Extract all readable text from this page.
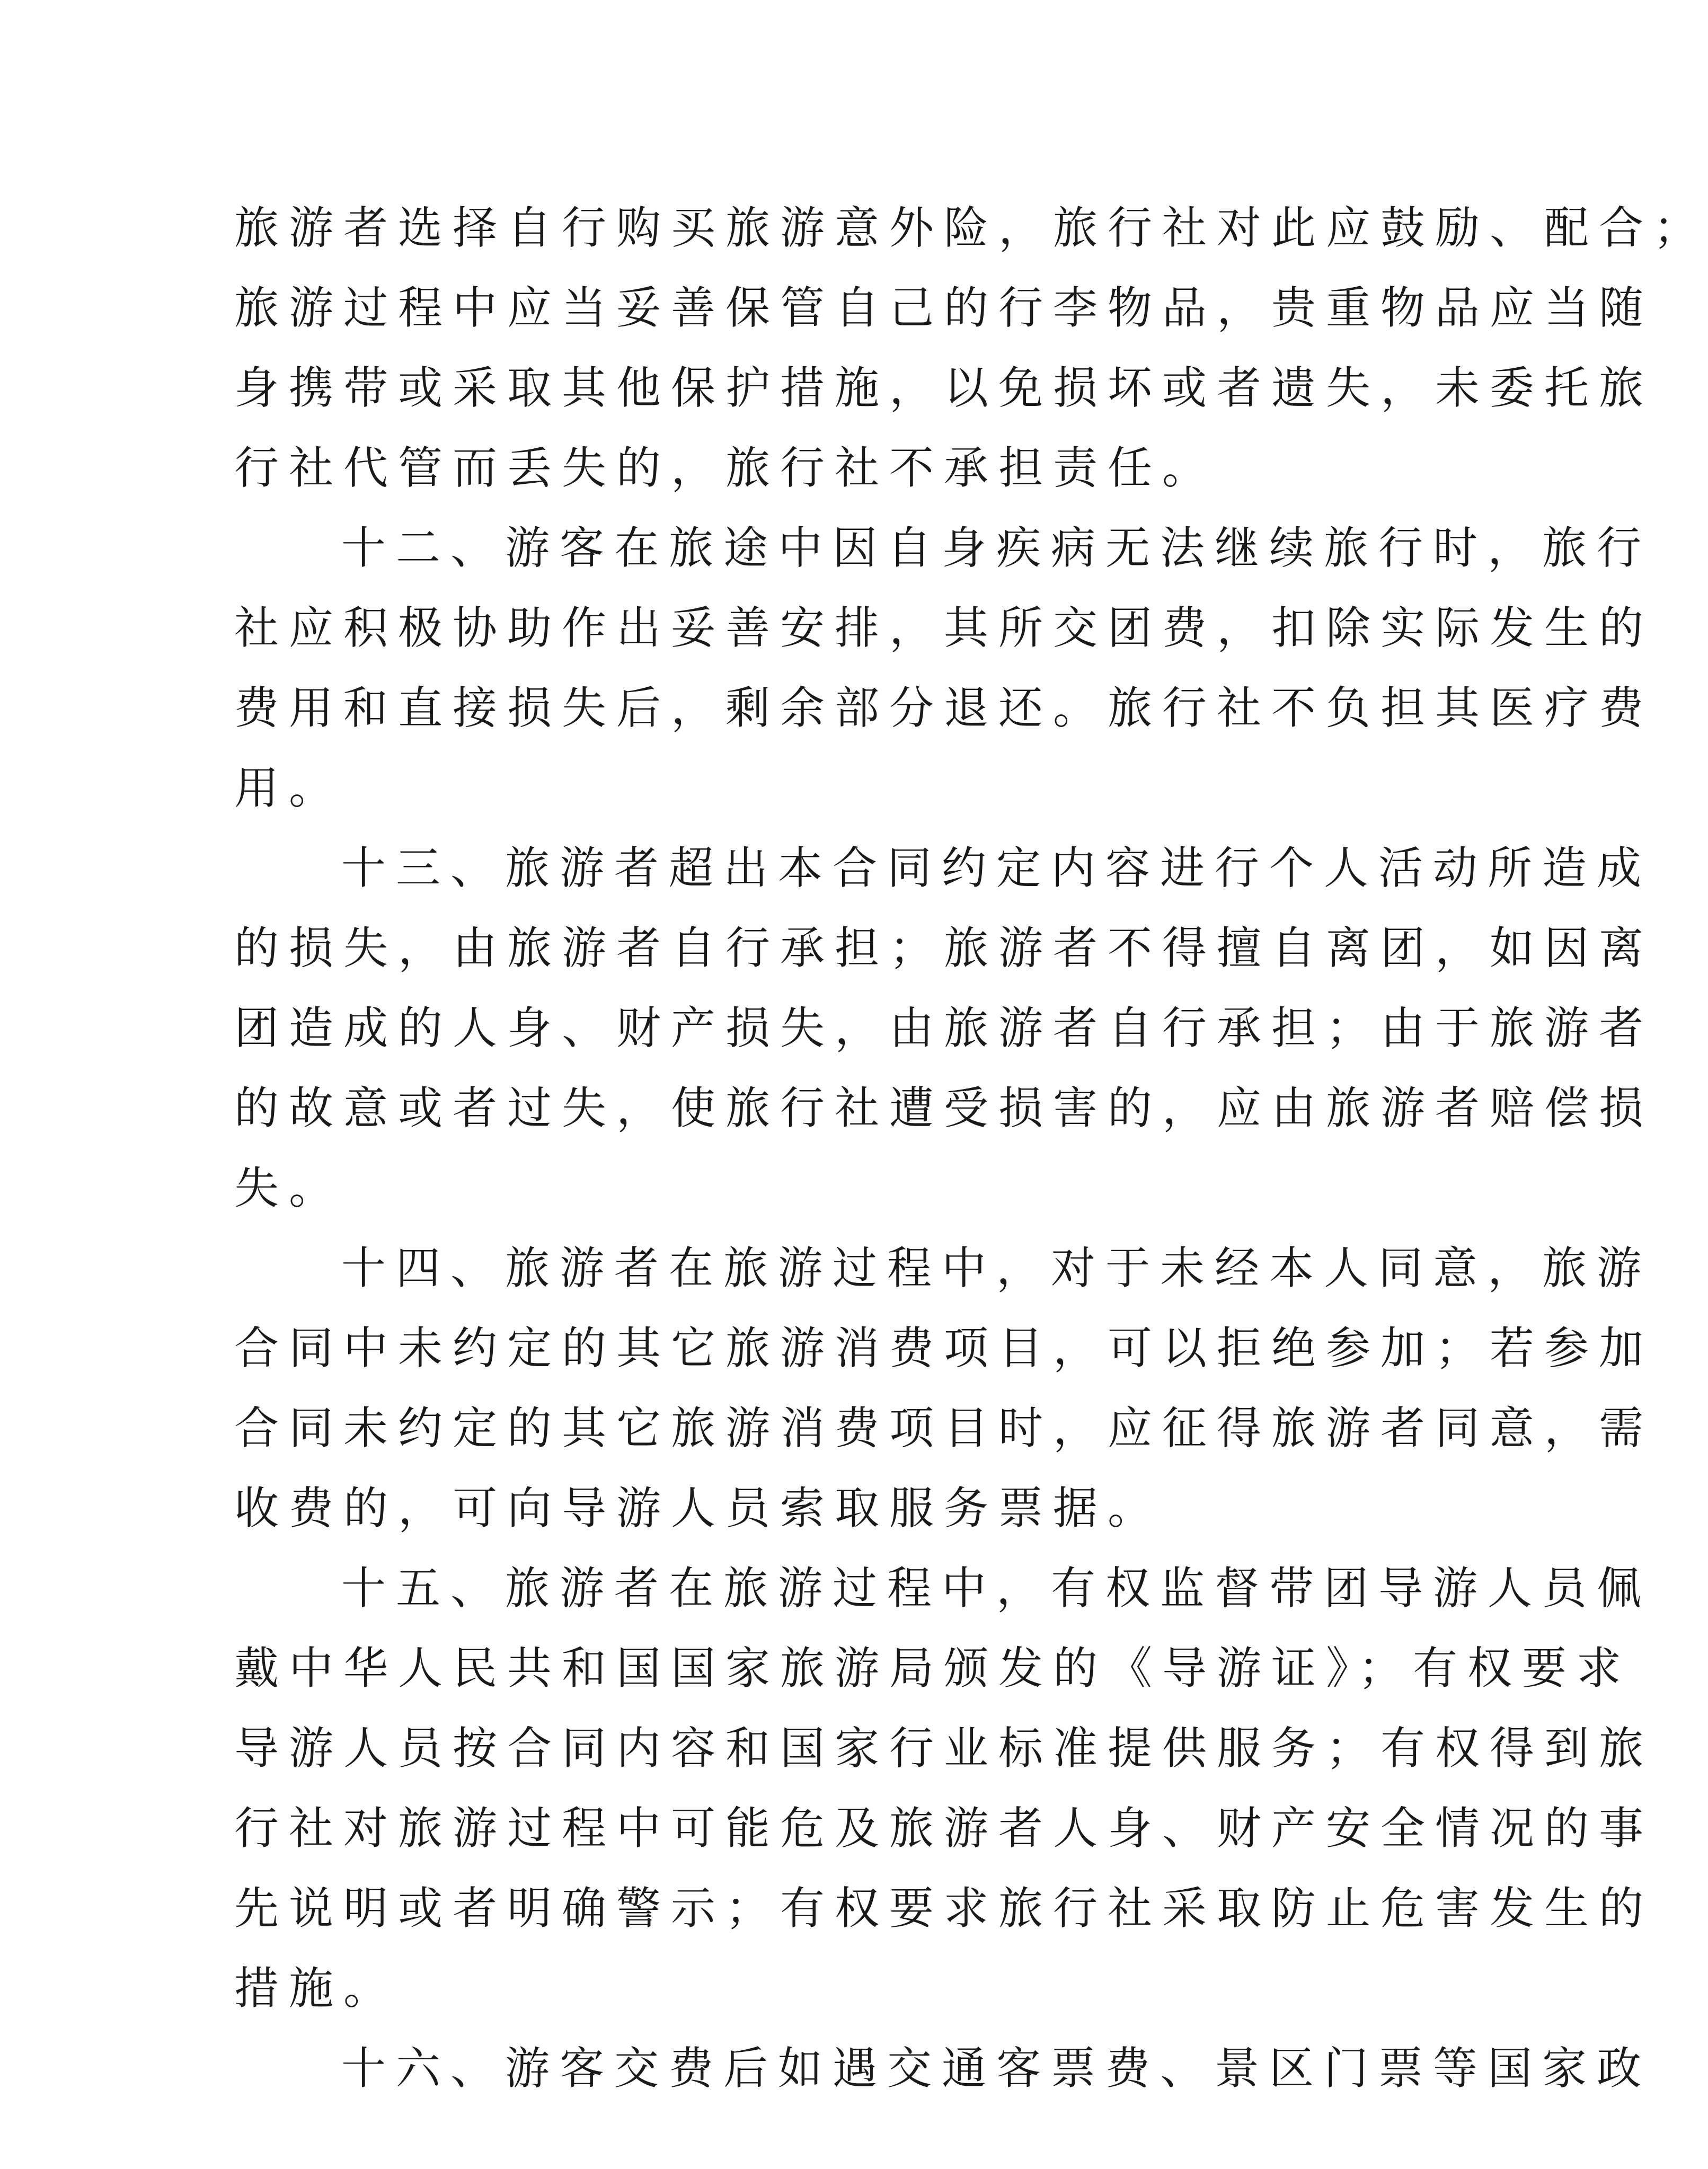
旅游者选择自行购买旅游意外险，旅行社对此应鼓励、配合；
旅游过程中应当妥善保管自己的行李物品，贵重物品应当随
身携带或采取其他保护措施，以免损坏或者遗失，未委托旅
行社代管而丢失的，旅行社不承担责任。
十二、游客在旅途中因自身疾病无法继续旅行时，旅行
社应积极协助作出妥善安排，其所交团费，扣除实际发生的
费用和直接损失后，剩余部分退还。旅行社不负担其医疗费
用。
十三、旅游者超出本合同约定内容进行个人活动所造成
的损失，由旅游者自行承担；旅游者不得擅自离团，如因离
团造成的人身、财产损失，由旅游者自行承担；由于旅游者
的故意或者过失，使旅行社遭受损害的，应由旅游者赔偿损
失。
十四、旅游者在旅游过程中，对于未经本人同意，旅游
合同中未约定的其它旅游消费项目，可以拒绝参加；若参加
合同未约定的其它旅游消费项目时，应征得旅游者同意，需
收费的，可向导游人员索取服务票据。
十五、旅游者在旅游过程中，有权监督带团导游人员佩
戴中华人民共和国国家旅游局颁发的《导游证》；有权要求
导游人员按合同内容和国家行业标准提供服务；有权得到旅
行社对旅游过程中可能危及旅游者人身、财产安全情况的事
先说明或者明确警示；有权要求旅行社采取防止危害发生的
措施。
十六、游客交费后如遇交通客票费、景区门票等国家政
